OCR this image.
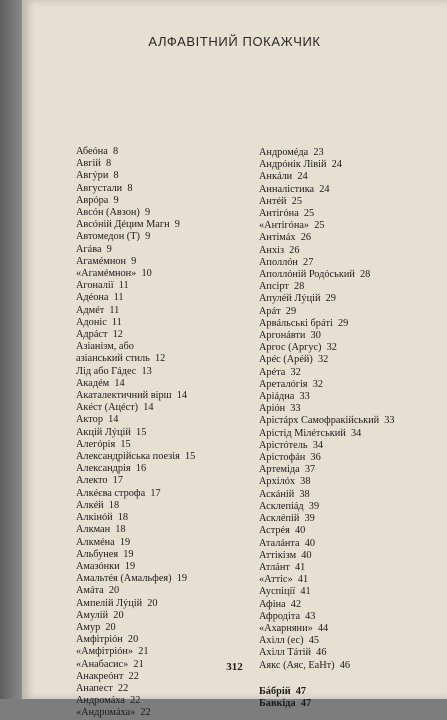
АЛФАВІТНИЙ ПОКАЖЧИК
Абеóна  8
Авгій  8
Авгýри  8
Августали  8
Аврóра  9
Авсóн (Авзон)  9
Авсóній Дéцим Магн  9
Автомедон (Т)  9
Агáва  9
Агамéмнон  9
«Агамéмнон»  10
Агоналії  11
Адéона  11
Адмéт  11
Адоніс  11
Адрáст  12
Азіанізм, або
азіанський стиль  12
Лід або Гáдес  13
Акадéм  14
Акаталектичний вірш  14
Акéст (Ацéст)  14
Актор  14
Акцій Лýцій  15
Алегóрія  15
Александрійська поезія  15
Александрія  16
Алекто  17
Алкéєва строфа  17
Алкéй  18
Алкінóй  18
Алкман  18
Алкмéна  19
Альбунея  19
Амазóнки  19
Амальтéя (Амальфея)  19
Амáта  20
Ампелій Лýцій  20
Амулій  20
Амур  20
Амфітріóн  20
«Амфітріóн»  21
«Анабасис»  21
Анакреóнт  22
Анапест  22
Андромáха  22
«Андромáха»  22
Андромéда  23
Андрóнік Лівій  24
Анкáли  24
Анналістика  24
Антéй  25
Антігóна  25
«Антігóна»  25
Антімáх  26
Анхіз  26
Аполлóн  27
Аполлóній Родóський  28
Апсірт  28
Апулéй Лýцій  29
Арáт  29
Арвáльські брáті  29
Аргонáвти  30
Аргос (Аргус)  32
Арéс (Арéй)  32
Арéта  32
Ареталóгія  32
Аріáдна  33
Аріóн  33
Арістáрх Самофракійський  33
Арістід Мілéтський  34
Арістóтель  34
Арістофáн  36
Артеміда  37
Архілóх  38
Аскáній  38
Асклепіáд  39
Асклéпій  39
Астрéя  40
Аталáнта  40
Аттікізм  40
Атлáнт  41
«Аттіс»  41
Ауспіції  41
Афіна  42
Афродіта  43
«Ахарняни»  44
Ахілл (ес)  45
Ахілл Тáтій  46
Аякс (Аяс, ЕаНт)  46
Бáбрій  47
Бавкіда  47
312
